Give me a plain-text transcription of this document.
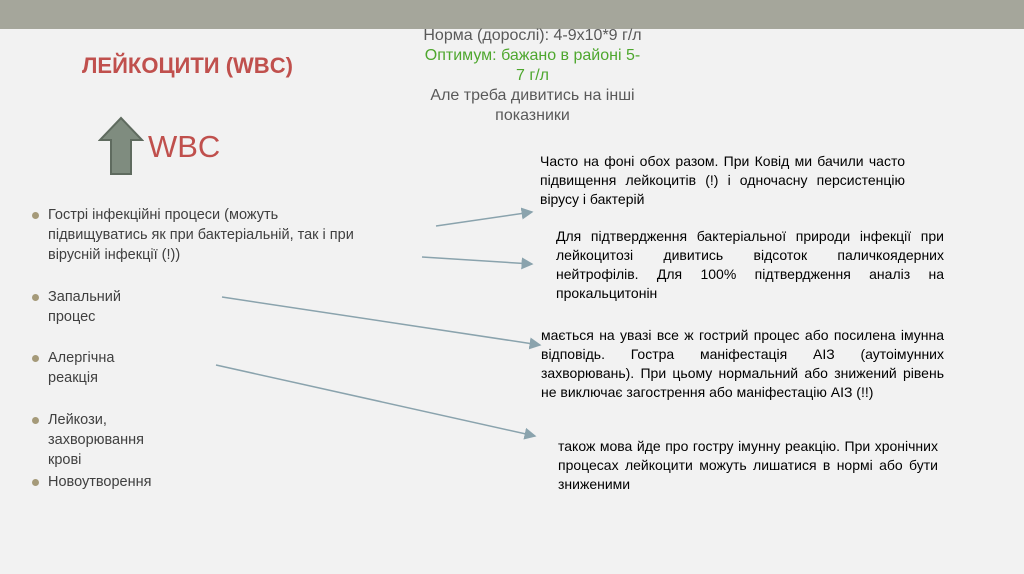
ЛЕЙКОЦИТИ (WBC)
Норма (дорослі): 4-9х10*9 г/л
Оптимум: бажано в районі 5-
7 г/л
Але треба дивитись на інші
показники
WBC
Гострі інфекційні процеси (можуть підвищуватись як при бактеріальній, так і при вірусній інфекції (!))
Запальний процес
Алергічна реакція
Лейкози, захворювання крові
Новоутворення
Часто на фоні обох разом. При Ковід ми бачили часто підвищення лейкоцитів (!) і одночасну персистенцію вірусу і бактерій
Для підтвердження бактеріальної природи інфекції при лейкоцитозі дивитись відсоток паличкоядерних нейтрофілів. Для 100% підтвердження аналіз на прокальцитонін
мається на увазі все ж гострий процес або посилена імунна відповідь. Гостра маніфестація АІЗ (аутоімунних захворювань). При цьому нормальний або знижений рівень не виключає загострення або маніфестацію АІЗ (!!)
також мова йде про гостру імунну реакцію. При хронічних процесах лейкоцити можуть лишатися в нормі або бути зниженими
